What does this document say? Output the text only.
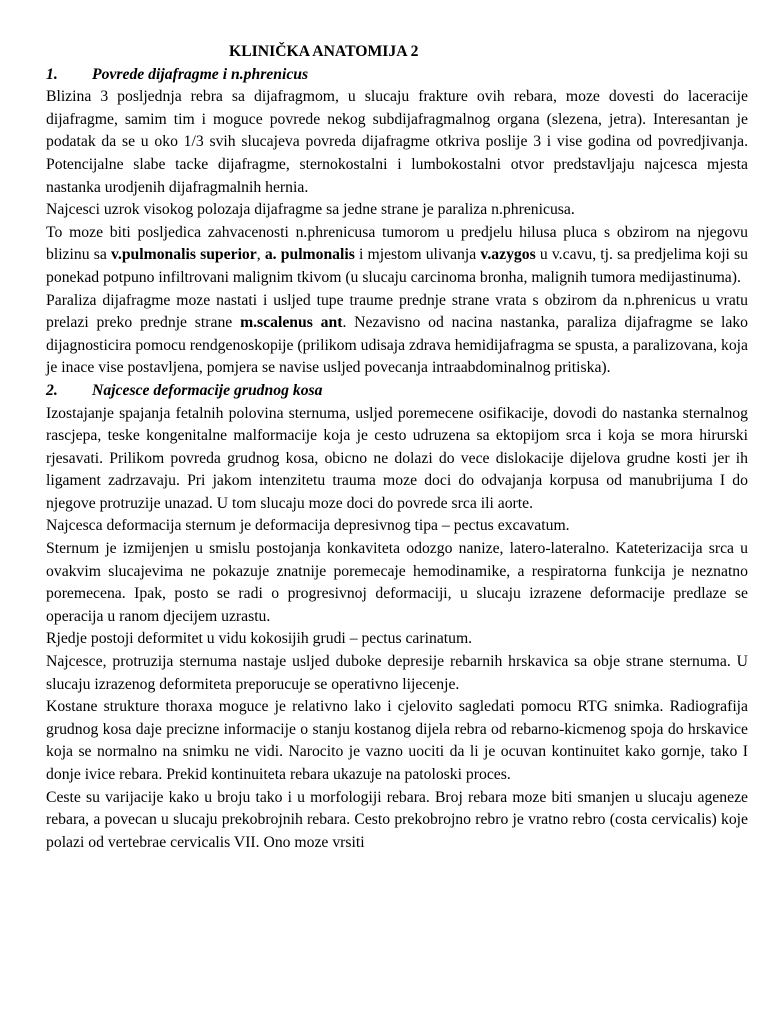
KLINIČKA ANATOMIJA 2

1.	Povrede dijafragme i n.phrenicus

Blizina 3 posljednja rebra sa dijafragmom, u slucaju frakture ovih rebara, moze dovesti do laceracije dijafragme, samim tim i moguce povrede nekog subdijafragmalnog organa (slezena, jetra). Interesantan je podatak da se u oko 1/3 svih slucajeva povreda dijafragme otkriva poslije 3 i vise godina od povredjivanja. Potencijalne slabe tacke dijafragme, sternokostalni i lumbokostalni otvor predstavljaju najcesca mjesta nastanka urodjenih dijafragmalnih hernia.

Najcesci uzrok visokog polozaja dijafragme sa jedne strane je paraliza n.phrenicusa.

To moze biti posljedica zahvacenosti n.phrenicusa tumorom u predjelu hilusa pluca s obzirom na njegovu blizinu sa v.pulmonalis superior, a. pulmonalis i mjestom ulivanja v.azygos u v.cavu, tj. sa predjelima koji su ponekad potpuno infiltrovani malignim tkivom (u slucaju carcinoma bronha, malignih tumora medijastinuma).

Paraliza dijafragme moze nastati i usljed tupe traume prednje strane vrata s obzirom da n.phrenicus u vratu prelazi preko prednje strane m.scalenus ant. Nezavisno od nacina nastanka, paraliza dijafragme se lako dijagnosticira pomocu rendgenoskopije (prilikom udisaja zdrava hemidijafragma se spusta, a paralizovana, koja je inace vise postavljena, pomjera se navise usljed povecanja intraabdominalnog pritiska).

2.	Najcesce deformacije grudnog kosa

Izostajanje spajanja fetalnih polovina sternuma, usljed poremecene osifikacije, dovodi do nastanka sternalnog rascjepa, teske kongenitalne malformacije koja je cesto udruzena sa ektopijom srca i koja se mora hirurski rjesavati. Prilikom povreda grudnog kosa, obicno ne dolazi do vece dislokacije dijelova grudne kosti jer ih ligament zadrzavaju. Pri jakom intenzitetu trauma moze doci do odvajanja korpusa od manubrijuma I do njegove protruzije unazad. U tom slucaju moze doci do povrede srca ili aorte.

Najcesca deformacija sternum je deformacija depresivnog tipa – pectus excavatum.

Sternum je izmijenjen u smislu postojanja konkaviteta odozgo nanize, latero-lateralno. Kateterizacija srca u ovakvim slucajevima ne pokazuje znatnije poremecaje hemodinamike, a respiratorna funkcija je neznatno poremecena. Ipak, posto se radi o progresivnoj deformaciji, u slucaju izrazene deformacije predlaze se operacija u ranom djecijem uzrastu.

Rjedje postoji deformitet u vidu kokosijih grudi – pectus carinatum.

Najcesce, protruzija sternuma nastaje usljed duboke depresije rebarnih hrskavica sa obje strane sternuma. U slucaju izrazenog deformiteta preporucuje se operativno lijecenje.

Kostane strukture thoraxa moguce je relativno lako i cjelovito sagledati pomocu RTG snimka. Radiografija grudnog kosa daje precizne informacije o stanju kostanog dijela rebra od rebarno-kicmenog spoja do hrskavice koja se normalno na snimku ne vidi. Narocito je vazno uociti da li je ocuvan kontinuitet kako gornje, tako I donje ivice rebara. Prekid kontinuiteta rebara ukazuje na patoloski proces.

Ceste su varijacije kako u broju tako i u morfologiji rebara. Broj rebara moze biti smanjen u slucaju ageneze rebara, a povecan u slucaju prekobrojnih rebara. Cesto prekobrojno rebro je vratno rebro (costa cervicalis) koje polazi od vertebrae cervicalis VII. Ono moze vrsiti
